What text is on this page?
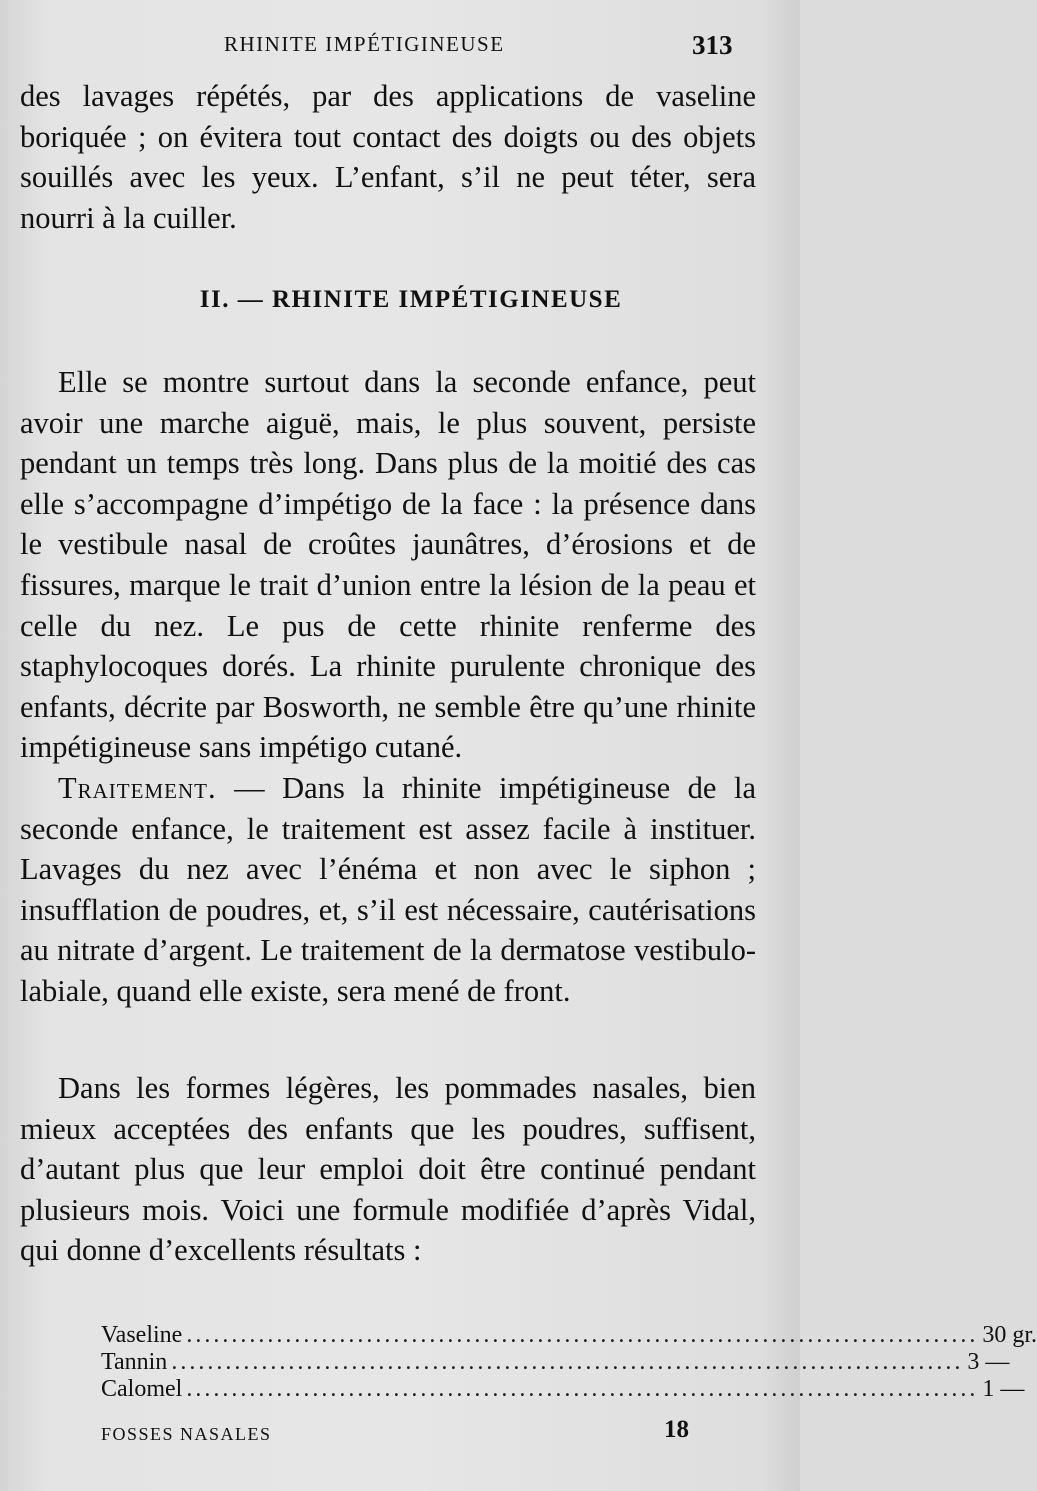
RHINITE IMPÉTIGINEUSE	313

des lavages répétés, par des applications de vaseline boriquée ; on évitera tout contact des doigts ou des objets souillés avec les yeux. L’enfant, s’il ne peut téter, sera nourri à la cuiller.

II. — RHINITE IMPÉTIGINEUSE

Elle se montre surtout dans la seconde enfance, peut avoir une marche aiguë, mais, le plus souvent, persiste pendant un temps très long. Dans plus de la moitié des cas elle s’accompagne d’impétigo de la face : la présence dans le vestibule nasal de croûtes jaunâtres, d’érosions et de fissures, marque le trait d’union entre la lésion de la peau et celle du nez. Le pus de cette rhinite renferme des staphylocoques dorés. La rhinite purulente chronique des enfants, décrite par Bosworth, ne semble être qu’une rhinite impétigineuse sans impétigo cutané.

Traitement. — Dans la rhinite impétigineuse de la seconde enfance, le traitement est assez facile à instituer. Lavages du nez avec l’énéma et non avec le siphon ; insufflation de poudres, et, s’il est nécessaire, cautérisations au nitrate d’argent. Le traitement de la dermatose vestibulo-labiale, quand elle existe, sera mené de front.

Dans les formes légères, les pommades nasales, bien mieux acceptées des enfants que les poudres, suffisent, d’autant plus que leur emploi doit être continué pendant plusieurs mois. Voici une formule modifiée d’après Vidal, qui donne d’excellents résultats :

Vaseline ........................................................................................ 30 gr.
Tannin ........................................................................................ 3 —
Calomel ........................................................................................ 1 —
FOSSES NASALES	18
